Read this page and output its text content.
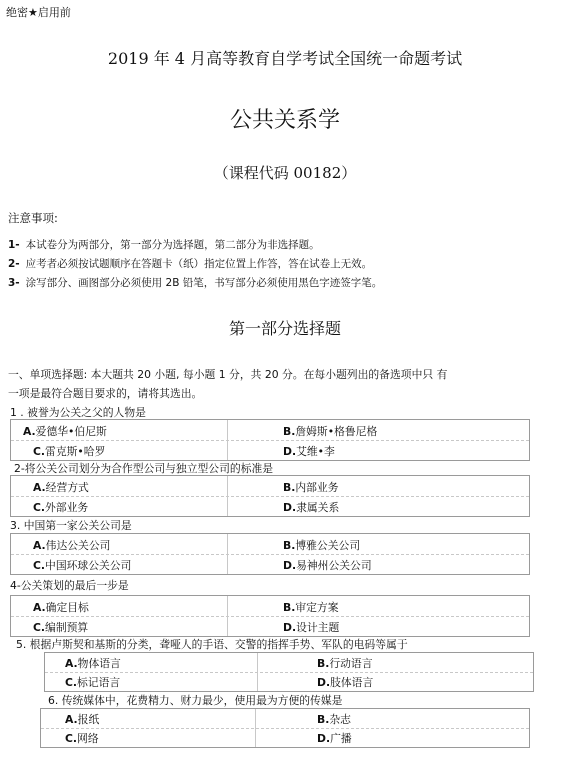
绝密★启用前
2019 年 4 月高等教育自学考试全国统一命题考试
公共关系学
（课程代码 00182）
注意事项:
1- 本试卷分为两部分，第一部分为选择题，第二部分为非选择题。
2- 应考者必须按试题顺序在答题卡（纸）指定位置上作答，答在试卷上无效。
3- 涂写部分、画图部分必须使用 2B 铅笔，书写部分必须使用黑色字迹签字笔。
第一部分选择题
一、单项选择题: 本大题共 20 小题, 每小题 1 分，共 20 分。在每小题列出的备选项中只 有
一项是最符合题目要求的，请将其选出。
1 . 被誉为公关之父的人物是
A.爱德华•伯尼斯	B.詹姆斯•格鲁尼格
C.雷克斯•哈罗	D.艾维•李
2-将公关公司划分为合作型公司与独立型公司的标准是
A.经营方式	B.内部业务
C.外部业务	D.隶属关系
3. 中国第一家公关公司是
A.伟达公关公司	B.博雅公关公司
C.中国环球公关公司	D.易神州公关公司
4-公关策划的最后一步是
A.确定目标	B.审定方案
C.编制预算	D.设计主题
5. 根据卢斯契和基斯的分类，聋哑人的手语、交警的指挥手势、军队的电码等属于
A.物体语言	B.行动语言
C.标记语言	D.肢体语言
6. 传统媒体中，花费精力、财力最少，使用最为方便的传媒是
A.报纸	B.杂志
C.网络	D.广播
